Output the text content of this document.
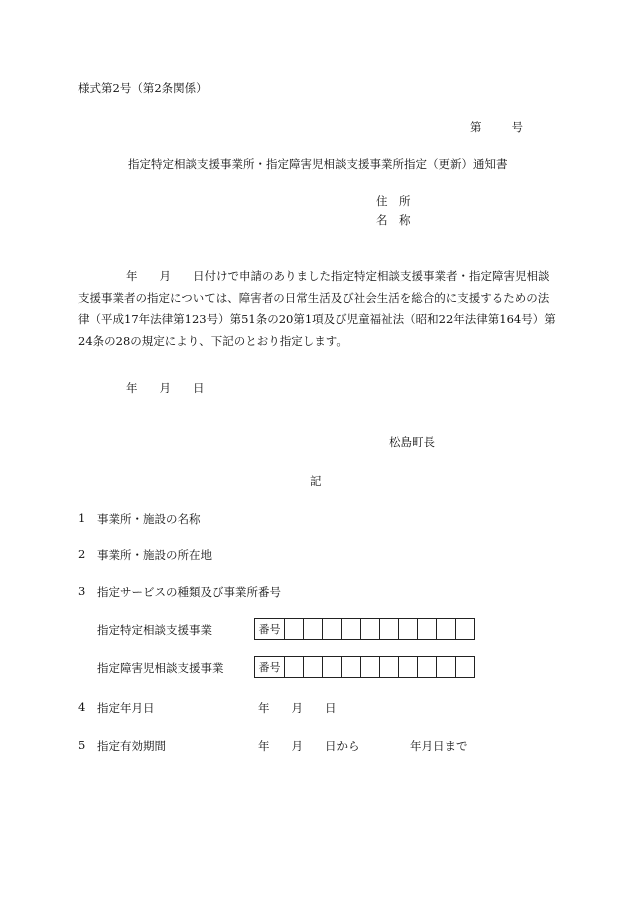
様式第2号（第2条関係）
第	号
指定特定相談支援事業所・指定障害児相談支援事業所指定（更新）通知書
住　所
名　称
年 月 日付けで申請のありました指定特定相談支援事業者・指定障害児相談支援事業者の指定については、障害者の日常生活及び社会生活を総合的に支援するための法律（平成17年法律第123号）第51条の20第1項及び児童福祉法（昭和22年法律第164号）第24条の28の規定により、下記のとおり指定します。
年 月 日
松島町長
記
1 事業所・施設の名称
2 事業所・施設の所在地
3 指定サービスの種類及び事業所番号
指定特定相談支援事業	番号
指定障害児相談支援事業	番号
4 指定年月日	年 月 日
5 指定有効期間	年 月 日から	年月日まで
